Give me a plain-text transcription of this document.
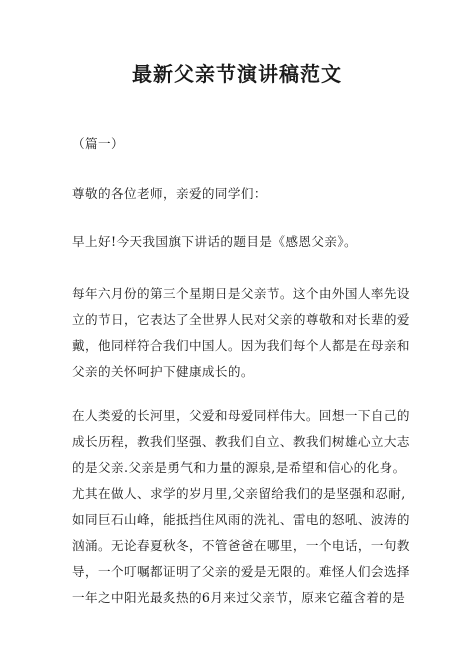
最新父亲节演讲稿范文
（篇一）
尊敬的各位老师，亲爱的同学们：
早上好!今天我国旗下讲话的题目是《感恩父亲》。
每年六月份的第三个星期日是父亲节。这个由外国人率先设
立的节日，它表达了全世界人民对父亲的尊敬和对长辈的爱
戴，他同样符合我们中国人。因为我们每个人都是在母亲和
父亲的关怀呵护下健康成长的。
在人类爱的长河里，父爱和母爱同样伟大。回想一下自己的
成长历程，教我们坚强、教我们自立、教我们树雄心立大志
的是父亲.父亲是勇气和力量的源泉,是希望和信心的化身。
尤其在做人、求学的岁月里,父亲留给我们的是坚强和忍耐,
如同巨石山峰，能抵挡住风雨的洗礼、雷电的怒吼、波涛的
汹涌。无论春夏秋冬，不管爸爸在哪里，一个电话，一句教
导，一个叮嘱都证明了父亲的爱是无限的。难怪人们会选择
一年之中阳光最炙热的6月来过父亲节，原来它蕴含着的是
